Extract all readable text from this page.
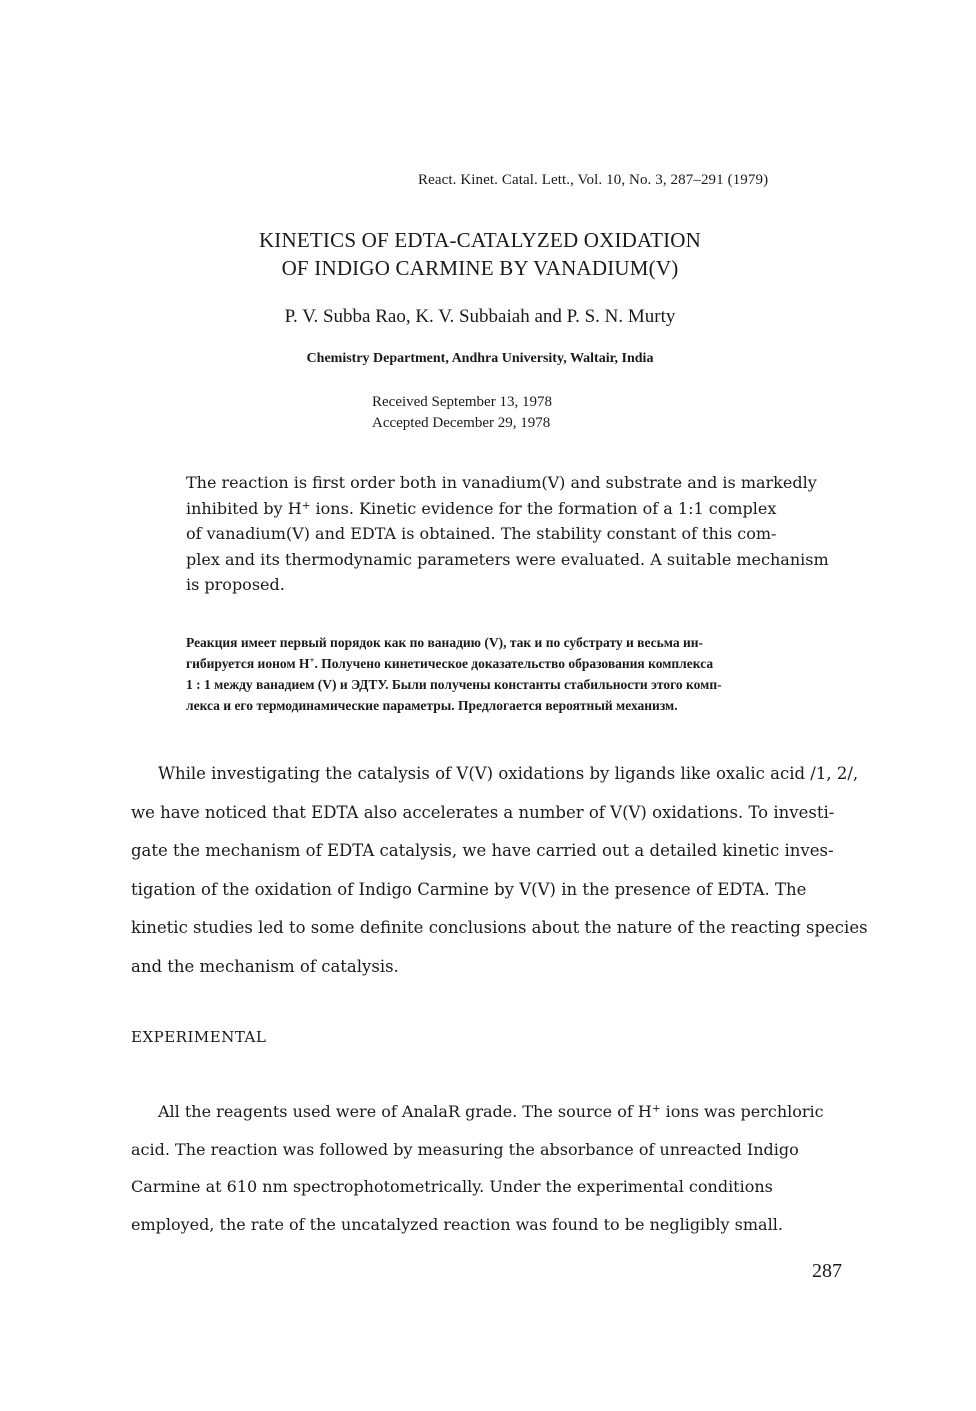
React. Kinet. Catal. Lett., Vol. 10, No. 3, 287–291 (1979)
KINETICS OF EDTA-CATALYZED OXIDATION
OF INDIGO CARMINE BY VANADIUM(V)
P. V. Subba Rao, K. V. Subbaiah and P. S. N. Murty
Chemistry Department, Andhra University, Waltair, India
Received September 13, 1978
Accepted December 29, 1978
The reaction is first order both in vanadium(V) and substrate and is markedly
inhibited by H+ ions. Kinetic evidence for the formation of a 1:1 complex
of vanadium(V) and EDTA is obtained. The stability constant of this com-
plex and its thermodynamic parameters were evaluated. A suitable mechanism
is proposed.
Реакция имеет первый порядок как по ванадию (V), так и по субстрату и весьма ин-
гибируется ионом H+. Получено кинетическое доказательство образования комплекса
1 : 1 между ванадием (V) и ЭДТУ. Были получены константы стабильности этого комп-
лекса и его термодинамические параметры. Предлогается вероятный механизм.
While investigating the catalysis of V(V) oxidations by ligands like oxalic acid /1, 2/,
we have noticed that EDTA also accelerates a number of V(V) oxidations. To investi-
gate the mechanism of EDTA catalysis, we have carried out a detailed kinetic inves-
tigation of the oxidation of Indigo Carmine by V(V) in the presence of EDTA. The
kinetic studies led to some definite conclusions about the nature of the reacting species
and the mechanism of catalysis.
EXPERIMENTAL
All the reagents used were of AnalaR grade. The source of H+ ions was perchloric
acid. The reaction was followed by measuring the absorbance of unreacted Indigo
Carmine at 610 nm spectrophotometrically. Under the experimental conditions
employed, the rate of the uncatalyzed reaction was found to be negligibly small.
287
